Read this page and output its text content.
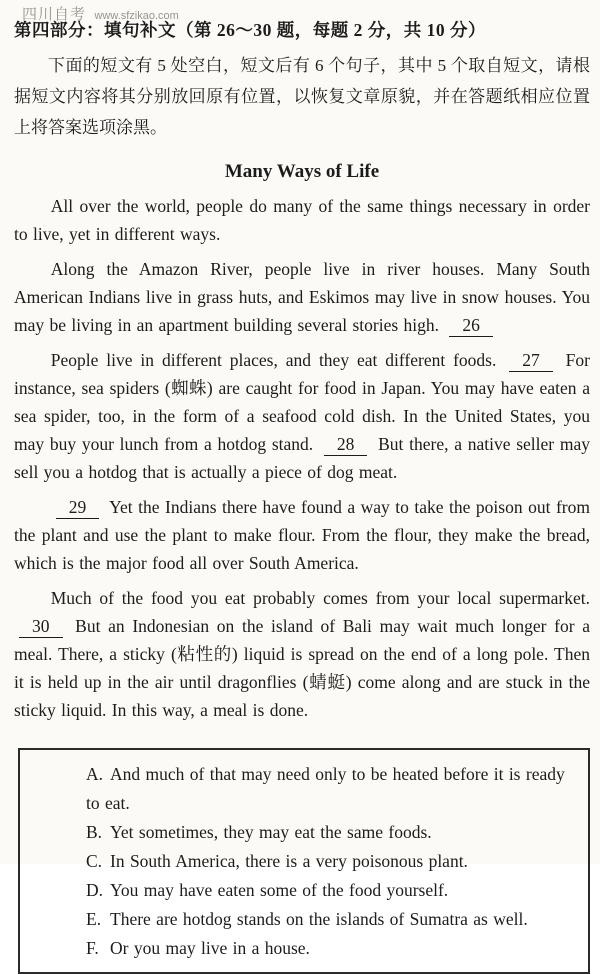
四川自考 www.sfzikao.com
第四部分：填句补文（第 26～30 题，每题 2 分，共 10 分）

下面的短文有 5 处空白，短文后有 6 个句子，其中 5 个取自短文，请根据短文内容将其分别放回原有位置，以恢复文章原貌，并在答题纸相应位置上将答案选项涂黑。

Many Ways of Life

All over the world, people do many of the same things necessary in order to live, yet in different ways.

Along the Amazon River, people live in river houses. Many South American Indians live in grass huts, and Eskimos may live in snow houses. You may be living in an apartment building several stories high. 26

People live in different places, and they eat different foods. 27 For instance, sea spiders (蜘蛛) are caught for food in Japan. You may have eaten a sea spider, too, in the form of a seafood cold dish. In the United States, you may buy your lunch from a hotdog stand. 28 But there, a native seller may sell you a hotdog that is actually a piece of dog meat.

29 Yet the Indians there have found a way to take the poison out from the plant and use the plant to make flour. From the flour, they make the bread, which is the major food all over South America.

Much of the food you eat probably comes from your local supermarket. 30 But an Indonesian on the island of Bali may wait much longer for a meal. There, a sticky (粘性的) liquid is spread on the end of a long pole. Then it is held up in the air until dragonflies (蜻蜓) come along and are stuck in the sticky liquid. In this way, a meal is done.

A. And much of that may need only to be heated before it is ready to eat.
B. Yet sometimes, they may eat the same foods.
C. In South America, there is a very poisonous plant.
D. You may have eaten some of the food yourself.
E. There are hotdog stands on the islands of Sumatra as well.
F. Or you may live in a house.
